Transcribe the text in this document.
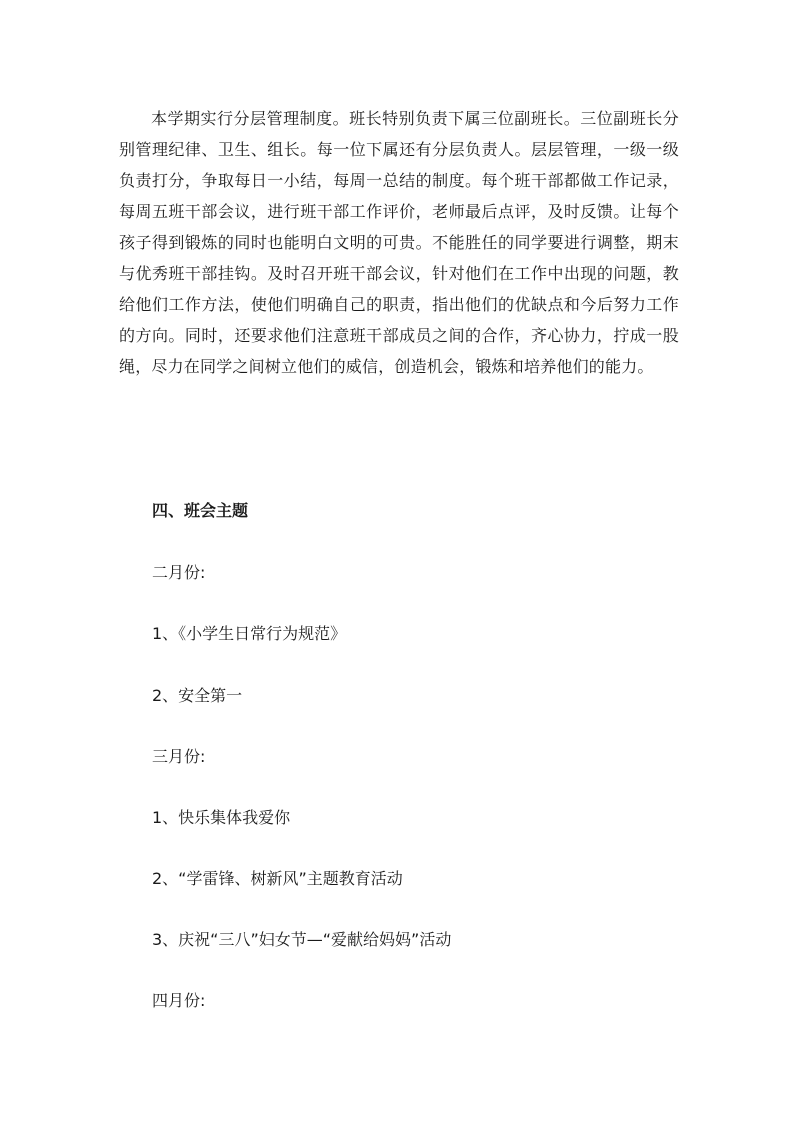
本学期实行分层管理制度。班长特别负责下属三位副班长。三位副班长分别管理纪律、卫生、组长。每一位下属还有分层负责人。层层管理，一级一级负责打分，争取每日一小结，每周一总结的制度。每个班干部都做工作记录，每周五班干部会议，进行班干部工作评价，老师最后点评，及时反馈。让每个孩子得到锻炼的同时也能明白文明的可贵。不能胜任的同学要进行调整，期末与优秀班干部挂钩。及时召开班干部会议，针对他们在工作中出现的问题，教给他们工作方法，使他们明确自己的职责，指出他们的优缺点和今后努力工作的方向。同时，还要求他们注意班干部成员之间的合作，齐心协力，拧成一股绳，尽力在同学之间树立他们的威信，创造机会，锻炼和培养他们的能力。

四、班会主题

二月份:

1、《小学生日常行为规范》

2、安全第一

三月份:

1、快乐集体我爱你

2、“学雷锋、树新风”主题教育活动

3、庆祝“三八”妇女节—“爱献给妈妈”活动

四月份:
